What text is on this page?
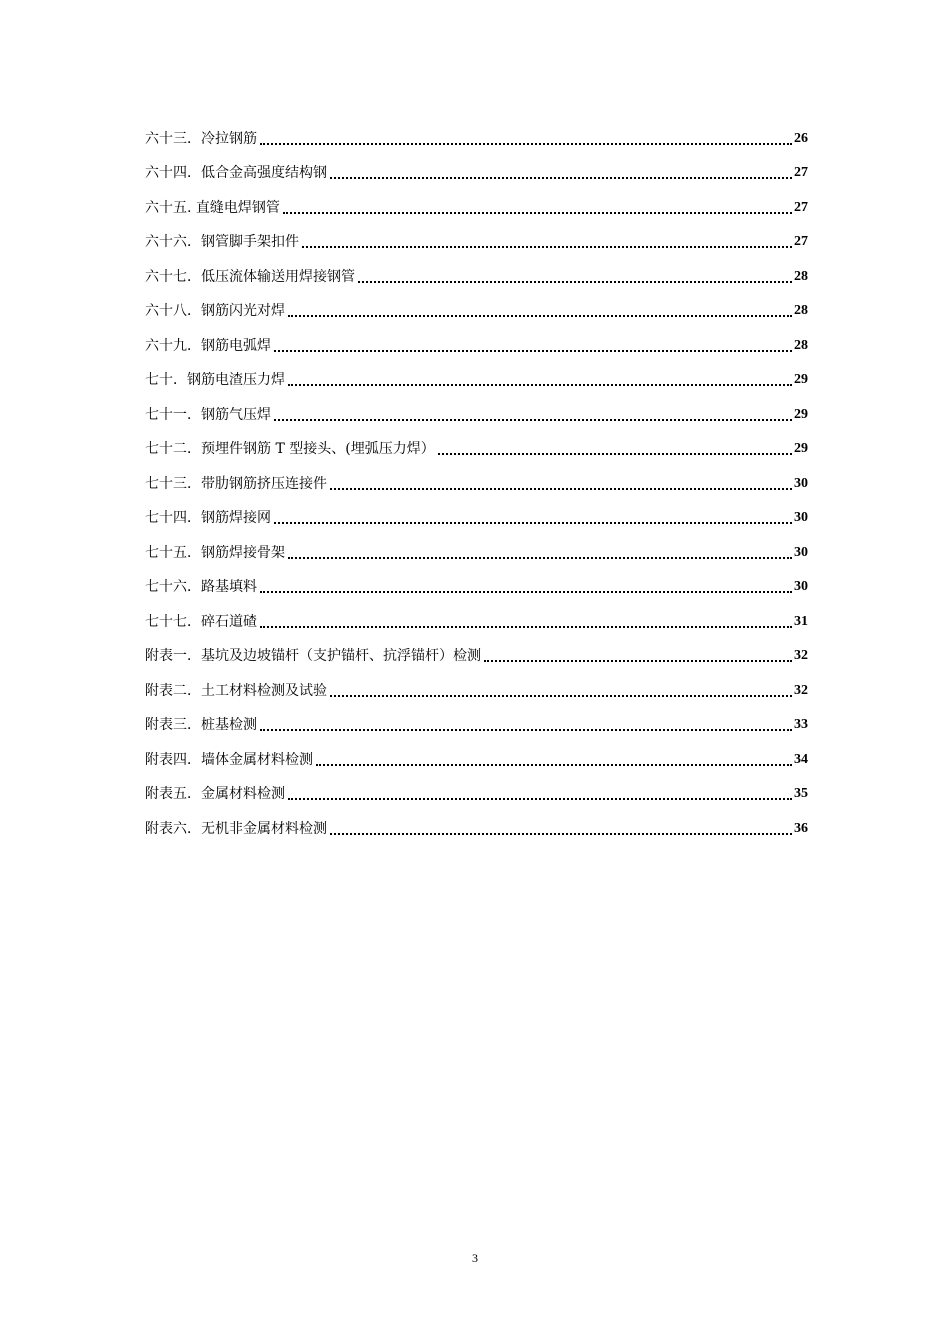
六十三．冷拉钢筋	26
六十四．低合金高强度结构钢	27
六十五. 直缝电焊钢管	27
六十六．钢管脚手架扣件	27
六十七．低压流体输送用焊接钢管	28
六十八．钢筋闪光对焊	28
六十九．钢筋电弧焊	28
七十．钢筋电渣压力焊	29
七十一．钢筋气压焊	29
七十二．预埋件钢筋 T 型接头、(埋弧压力焊）	29
七十三．带肋钢筋挤压连接件	30
七十四．钢筋焊接网	30
七十五．钢筋焊接骨架	30
七十六．路基填料	30
七十七．碎石道碴	31
附表一．基坑及边坡锚杆（支护锚杆、抗浮锚杆）检测	32
附表二．土工材料检测及试验	32
附表三．桩基检测	33
附表四．墙体金属材料检测	34
附表五．金属材料检测	35
附表六．无机非金属材料检测	36
3
